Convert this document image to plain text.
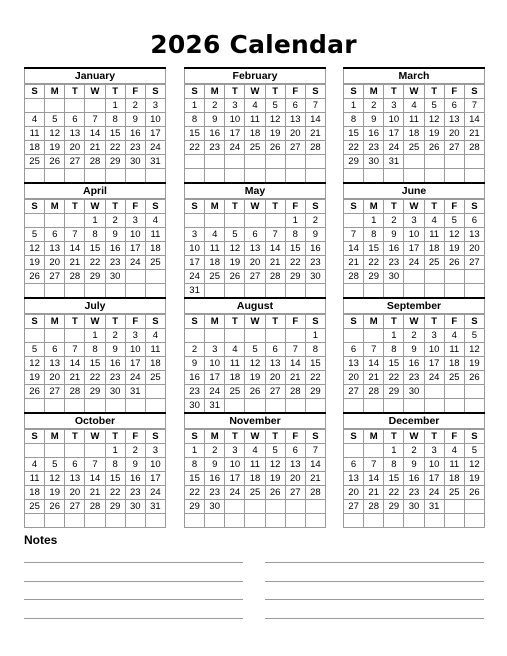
2026 Calendar
January
S	M	T	W	T	F	S
				1	2	3
4	5	6	7	8	9	10
11	12	13	14	15	16	17
18	19	20	21	22	23	24
25	26	27	28	29	30	31

February
S	M	T	W	T	F	S
1	2	3	4	5	6	7
8	9	10	11	12	13	14
15	16	17	18	19	20	21
22	23	24	25	26	27	28

March
S	M	T	W	T	F	S
1	2	3	4	5	6	7
8	9	10	11	12	13	14
15	16	17	18	19	20	21
22	23	24	25	26	27	28
29	30	31				

April
S	M	T	W	T	F	S
			1	2	3	4
5	6	7	8	9	10	11
12	13	14	15	16	17	18
19	20	21	22	23	24	25
26	27	28	29	30		

May
S	M	T	W	T	F	S
					1	2
3	4	5	6	7	8	9
10	11	12	13	14	15	16
17	18	19	20	21	22	23
24	25	26	27	28	29	30
31						
June
S	M	T	W	T	F	S
	1	2	3	4	5	6
7	8	9	10	11	12	13
14	15	16	17	18	19	20
21	22	23	24	25	26	27
28	29	30				

July
S	M	T	W	T	F	S
			1	2	3	4
5	6	7	8	9	10	11
12	13	14	15	16	17	18
19	20	21	22	23	24	25
26	27	28	29	30	31	

August
S	M	T	W	T	F	S
						1
2	3	4	5	6	7	8
9	10	11	12	13	14	15
16	17	18	19	20	21	22
23	24	25	26	27	28	29
30	31					
September
S	M	T	W	T	F	S
		1	2	3	4	5
6	7	8	9	10	11	12
13	14	15	16	17	18	19
20	21	22	23	24	25	26
27	28	29	30			

October
S	M	T	W	T	F	S
				1	2	3
4	5	6	7	8	9	10
11	12	13	14	15	16	17
18	19	20	21	22	23	24
25	26	27	28	29	30	31

November
S	M	T	W	T	F	S
1	2	3	4	5	6	7
8	9	10	11	12	13	14
15	16	17	18	19	20	21
22	23	24	25	26	27	28
29	30					

December
S	M	T	W	T	F	S
		1	2	3	4	5
6	7	8	9	10	11	12
13	14	15	16	17	18	19
20	21	22	23	24	25	26
27	28	29	30	31		

Notes
